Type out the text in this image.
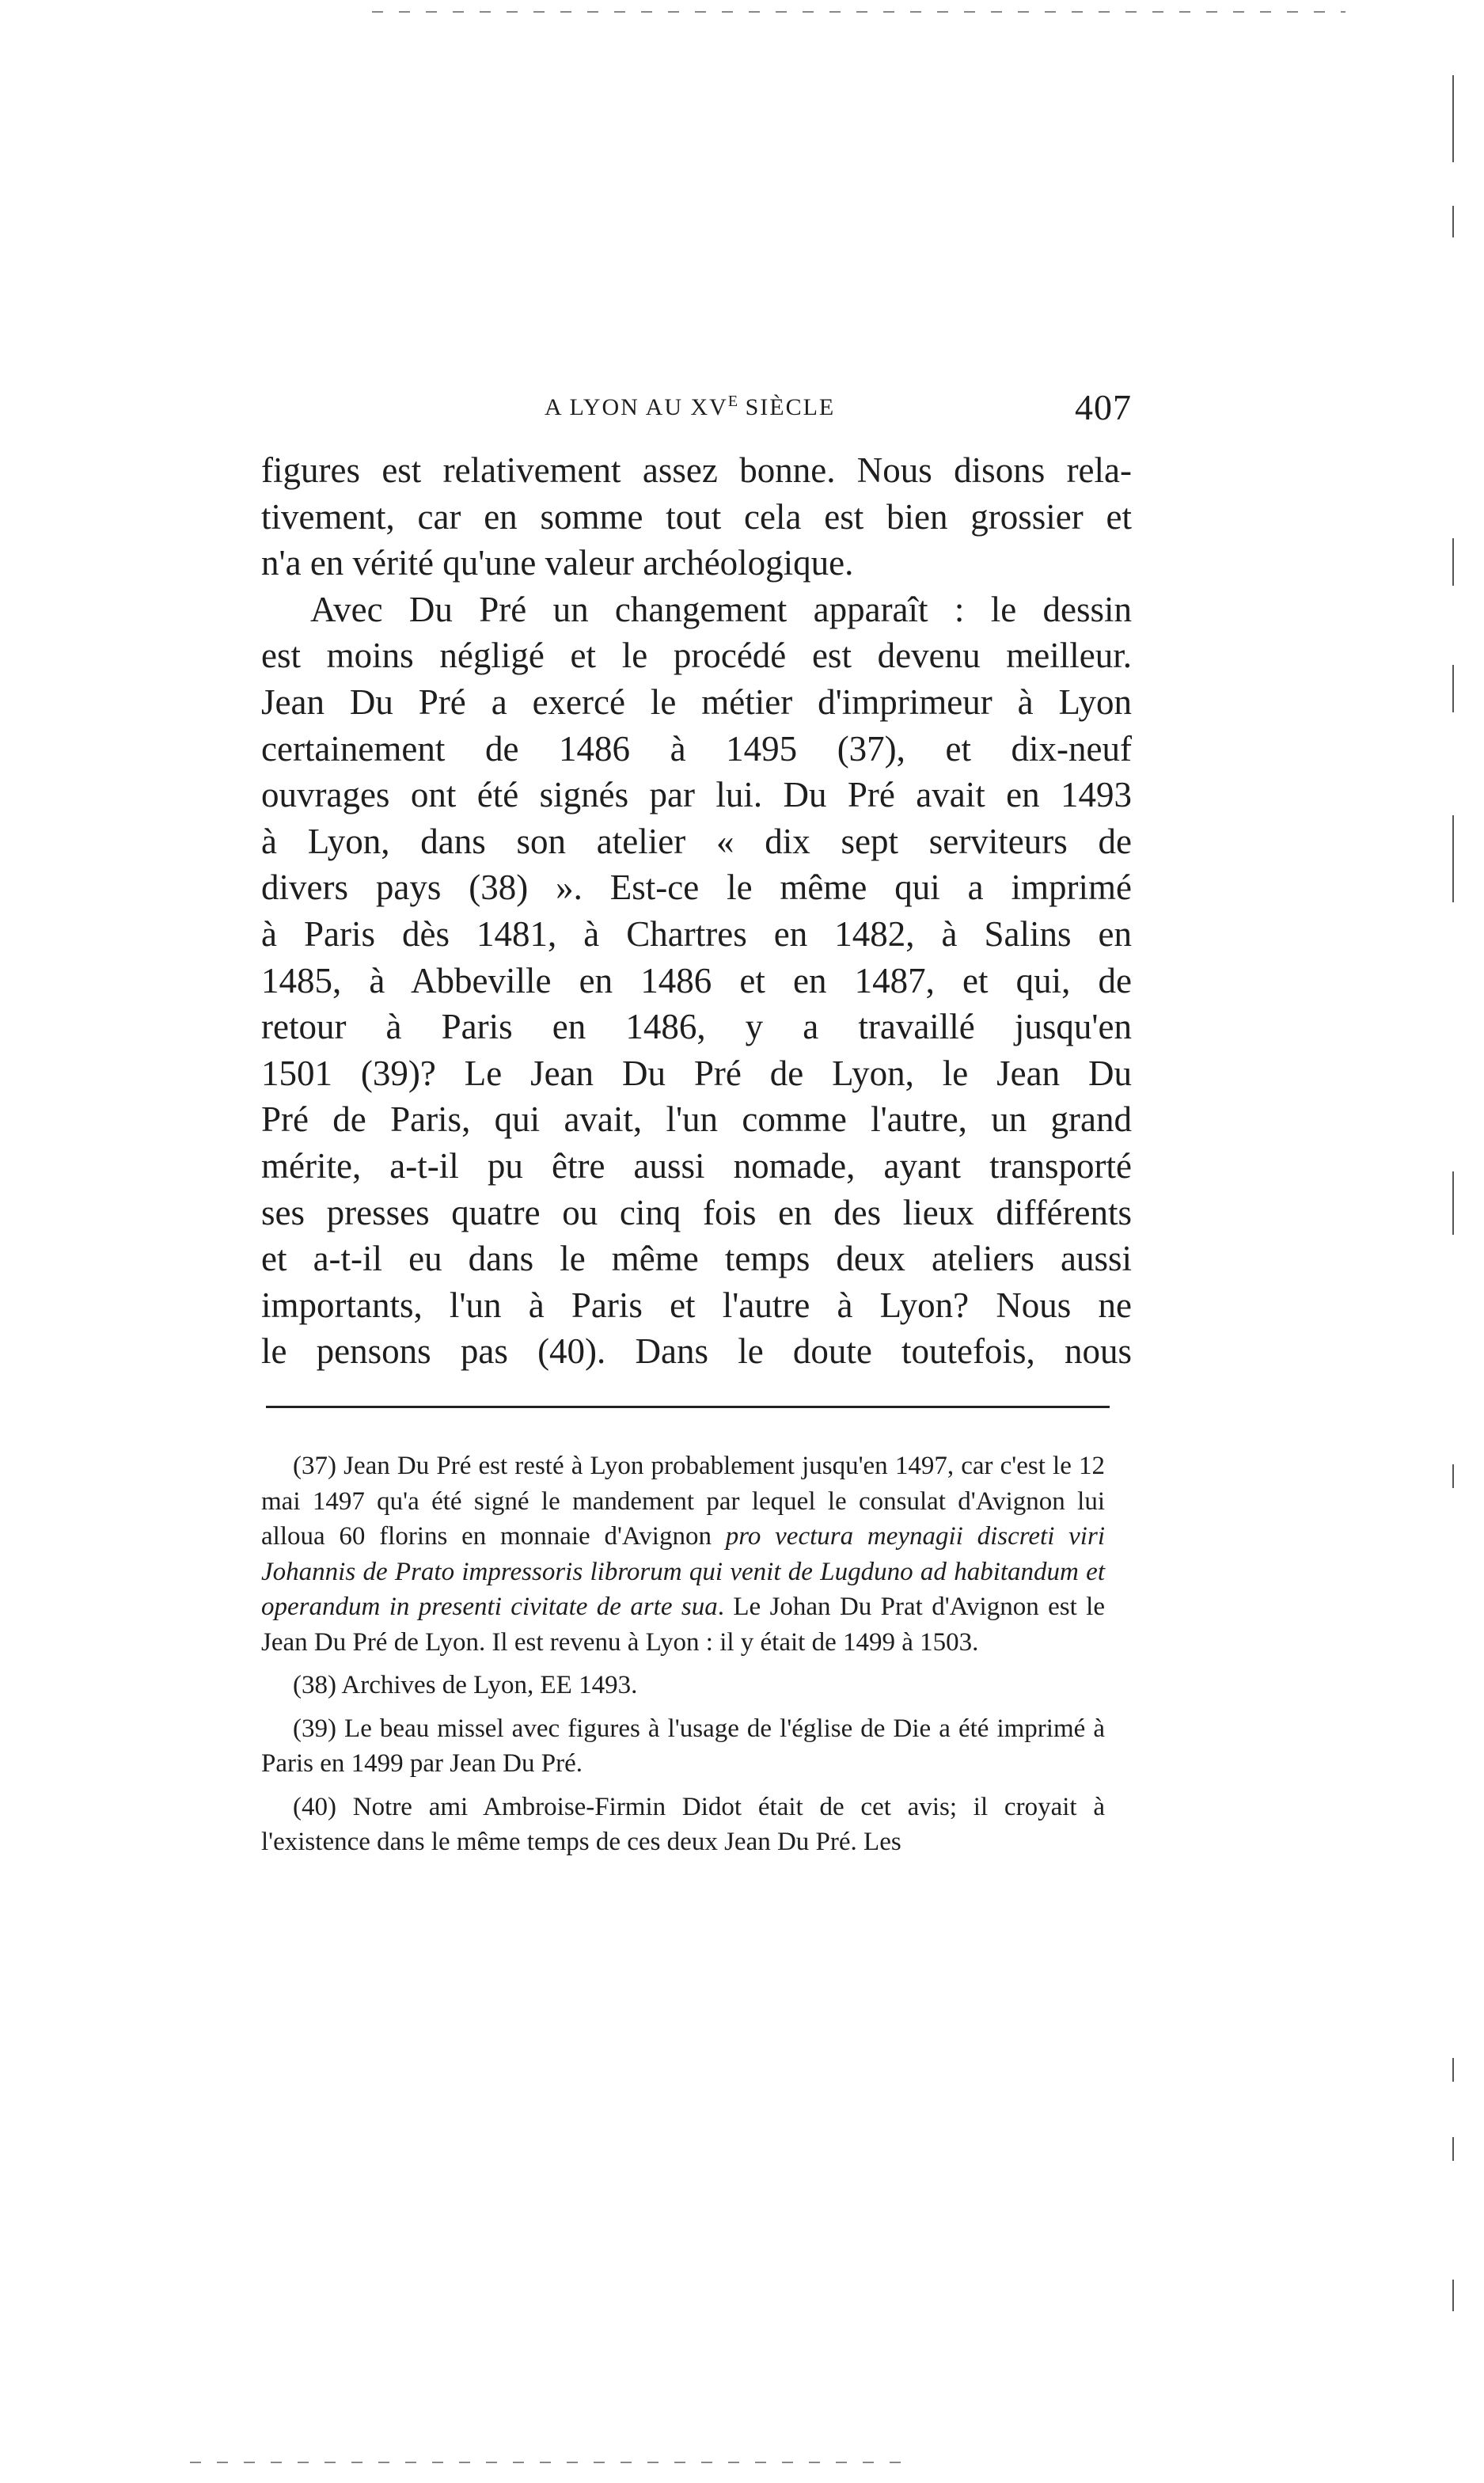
A LYON AU $XV^E$ SIÈCLE	407

figures est relativement assez bonne. Nous disons rela-

tivement, car en somme tout cela est bien grossier et

n'a en vérité qu'une valeur archéologique.

Avec Du Pré un changement apparaît : le dessin

est moins négligé et le procédé est devenu meilleur.

Jean Du Pré a exercé le métier d'imprimeur à Lyon

certainement de 1486 à 1495 (37), et dix-neuf

ouvrages ont été signés par lui. Du Pré avait en 1493

à Lyon, dans son atelier « dix sept serviteurs de

divers pays (38) ». Est-ce le même qui a imprimé

à Paris dès 1481, à Chartres en 1482, à Salins en

1485, à Abbeville en 1486 et en 1487, et qui, de

retour à Paris en 1486, y a travaillé jusqu'en

1501 (39)? Le Jean Du Pré de Lyon, le Jean Du

Pré de Paris, qui avait, l'un comme l'autre, un grand

mérite, a-t-il pu être aussi nomade, ayant transporté

ses presses quatre ou cinq fois en des lieux différents

et a-t-il eu dans le même temps deux ateliers aussi

importants, l'un à Paris et l'autre à Lyon? Nous ne

le pensons pas (40). Dans le doute toutefois, nous

(37) Jean Du Pré est resté à Lyon probablement jusqu'en 1497, car c'est le 12 mai 1497 qu'a été signé le mandement par lequel le consulat d'Avignon lui alloua 60 florins en monnaie d'Avignon pro vectura meynagii discreti viri Johannis de Prato impressoris librorum qui venit de Lugduno ad habitandum et operandum in presenti civitate de arte sua. Le Johan Du Prat d'Avignon est le Jean Du Pré de Lyon. Il est revenu à Lyon : il y était de 1499 à 1503.

(38) Archives de Lyon, EE 1493.

(39) Le beau missel avec figures à l'usage de l'église de Die a été imprimé à Paris en 1499 par Jean Du Pré.

(40) Notre ami Ambroise-Firmin Didot était de cet avis; il croyait à l'existence dans le même temps de ces deux Jean Du Pré. Les
